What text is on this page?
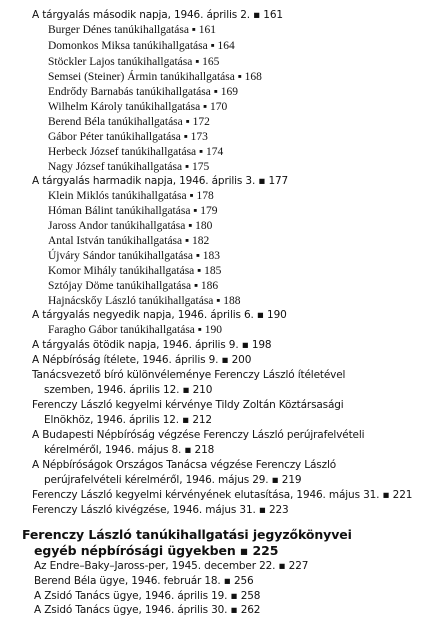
A tárgyalás második napja, 1946. április 2. ▪ 161
Burger Dénes tanúkihallgatása ▪ 161
Domonkos Miksa tanúkihallgatása ▪ 164
Stöckler Lajos tanúkihallgatása ▪ 165
Semsei (Steiner) Ármin tanúkihallgatása ▪ 168
Endrődy Barnabás tanúkihallgatása ▪ 169
Wilhelm Károly tanúkihallgatása ▪ 170
Berend Béla tanúkihallgatása ▪ 172
Gábor Péter tanúkihallgatása ▪ 173
Herbeck József tanúkihallgatása ▪ 174
Nagy József tanúkihallgatása ▪ 175
A tárgyalás harmadik napja, 1946. április 3. ▪ 177
Klein Miklós tanúkihallgatása ▪ 178
Hóman Bálint tanúkihallgatása ▪ 179
Jaross Andor tanúkihallgatása ▪ 180
Antal István tanúkihallgatása ▪ 182
Újváry Sándor tanúkihallgatása ▪ 183
Komor Mihály tanúkihallgatása ▪ 185
Sztójay Döme tanúkihallgatása ▪ 186
Hajnácskőy László tanúkihallgatása ▪ 188
A tárgyalás negyedik napja, 1946. április 6. ▪ 190
Faragho Gábor tanúkihallgatása ▪ 190
A tárgyalás ötödik napja, 1946. április 9. ▪ 198
A Népbíróság ítélete, 1946. április 9. ▪ 200
Tanácsvezető bíró különvéleménye Ferenczy László ítéletével
szemben, 1946. április 12. ▪ 210
Ferenczy László kegyelmi kérvénye Tildy Zoltán Köztársasági
Elnökhöz, 1946. április 12. ▪ 212
A Budapesti Népbíróság végzése Ferenczy László perújrafelvételi
kérelméről, 1946. május 8. ▪ 218
A Népbíróságok Országos Tanácsa végzése Ferenczy László
perújrafelvételi kérelméről, 1946. május 29. ▪ 219
Ferenczy László kegyelmi kérvényének elutasítása, 1946. május 31. ▪ 221
Ferenczy László kivégzése, 1946. május 31. ▪ 223
Ferenczy László tanúkihallgatási jegyzőkönyvei
egyéb népbírósági ügyekben ▪ 225
Az Endre–Baky–Jaross-per, 1945. december 22. ▪ 227
Berend Béla ügye, 1946. február 18. ▪ 256
A Zsidó Tanács ügye, 1946. április 19. ▪ 258
A Zsidó Tanács ügye, 1946. április 30. ▪ 262
